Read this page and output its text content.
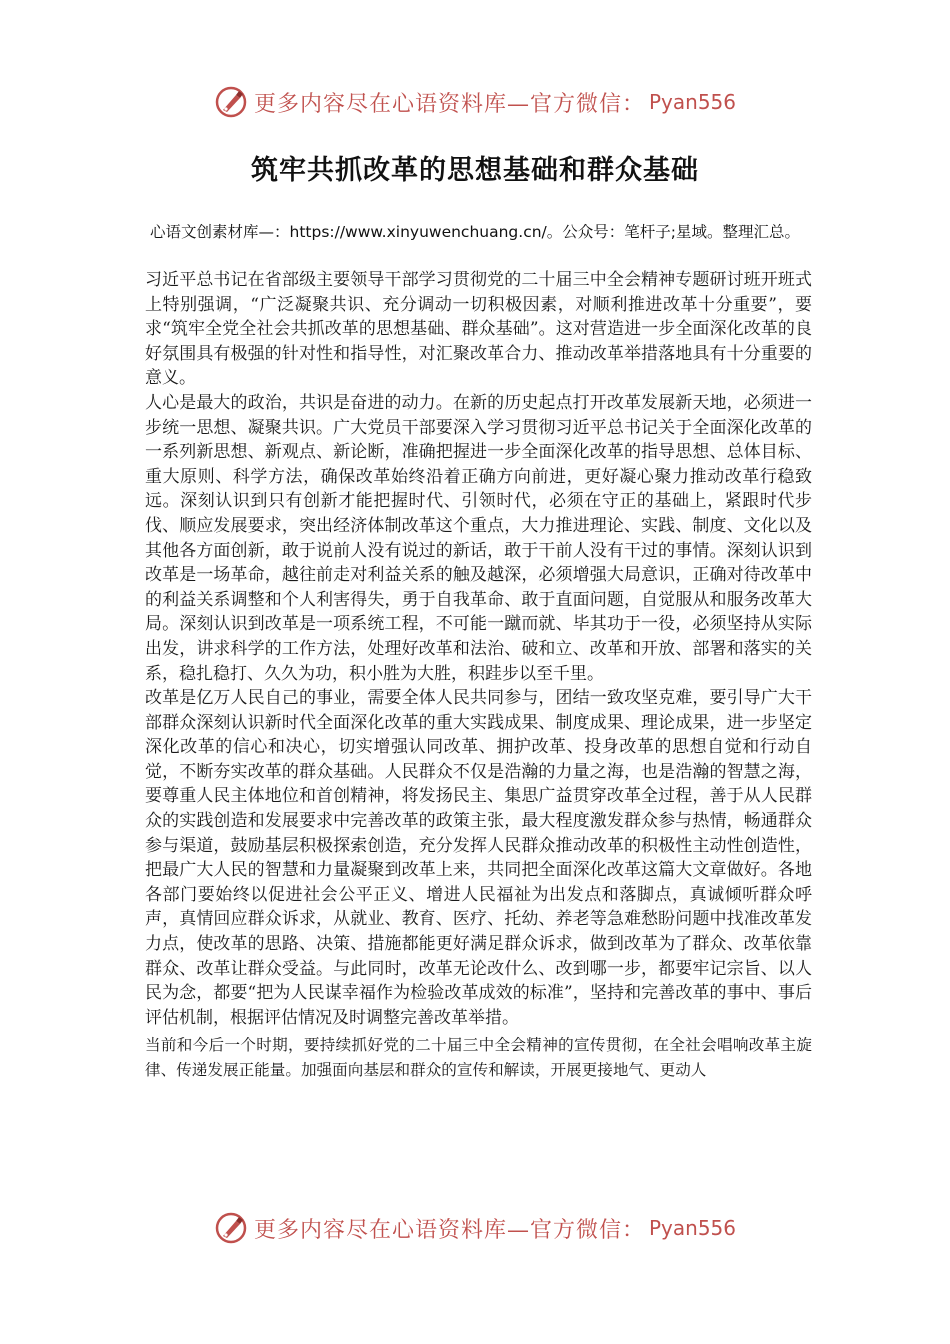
更多内容尽在心语资料库—官方微信： Pyan556
筑牢共抓改革的思想基础和群众基础
心语文创素材库—：https://www.xinyuwenchuang.cn/。公众号：笔杆子;星域。整理汇总。

习近平总书记在省部级主要领导干部学习贯彻党的二十届三中全会精神专题研讨班开班式上特别强调，“广泛凝聚共识、充分调动一切积极因素，对顺利推进改革十分重要”，要求“筑牢全党全社会共抓改革的思想基础、群众基础”。这对营造进一步全面深化改革的良好氛围具有极强的针对性和指导性，对汇聚改革合力、推动改革举措落地具有十分重要的意义。

人心是最大的政治，共识是奋进的动力。在新的历史起点打开改革发展新天地，必须进一步统一思想、凝聚共识。广大党员干部要深入学习贯彻习近平总书记关于全面深化改革的一系列新思想、新观点、新论断，准确把握进一步全面深化改革的指导思想、总体目标、重大原则、科学方法，确保改革始终沿着正确方向前进，更好凝心聚力推动改革行稳致远。深刻认识到只有创新才能把握时代、引领时代，必须在守正的基础上，紧跟时代步伐、顺应发展要求，突出经济体制改革这个重点，大力推进理论、实践、制度、文化以及其他各方面创新，敢于说前人没有说过的新话，敢于干前人没有干过的事情。深刻认识到改革是一场革命，越往前走对利益关系的触及越深，必须增强大局意识，正确对待改革中的利益关系调整和个人利害得失，勇于自我革命、敢于直面问题，自觉服从和服务改革大局。深刻认识到改革是一项系统工程，不可能一蹴而就、毕其功于一役，必须坚持从实际出发，讲求科学的工作方法，处理好改革和法治、破和立、改革和开放、部署和落实的关系，稳扎稳打、久久为功，积小胜为大胜，积跬步以至千里。

改革是亿万人民自己的事业，需要全体人民共同参与，团结一致攻坚克难，要引导广大干部群众深刻认识新时代全面深化改革的重大实践成果、制度成果、理论成果，进一步坚定深化改革的信心和决心，切实增强认同改革、拥护改革、投身改革的思想自觉和行动自觉，不断夯实改革的群众基础。人民群众不仅是浩瀚的力量之海，也是浩瀚的智慧之海，要尊重人民主体地位和首创精神，将发扬民主、集思广益贯穿改革全过程，善于从人民群众的实践创造和发展要求中完善改革的政策主张，最大程度激发群众参与热情，畅通群众参与渠道，鼓励基层积极探索创造，充分发挥人民群众推动改革的积极性主动性创造性，把最广大人民的智慧和力量凝聚到改革上来，共同把全面深化改革这篇大文章做好。各地各部门要始终以促进社会公平正义、增进人民福祉为出发点和落脚点，真诚倾听群众呼声，真情回应群众诉求，从就业、教育、医疗、托幼、养老等急难愁盼问题中找准改革发力点，使改革的思路、决策、措施都能更好满足群众诉求，做到改革为了群众、改革依靠群众、改革让群众受益。与此同时，改革无论改什么、改到哪一步，都要牢记宗旨、以人民为念，都要“把为人民谋幸福作为检验改革成效的标准”，坚持和完善改革的事中、事后评估机制，根据评估情况及时调整完善改革举措。

当前和今后一个时期，要持续抓好党的二十届三中全会精神的宣传贯彻，在全社会唱响改革主旋律、传递发展正能量。加强面向基层和群众的宣传和解读，开展更接地气、更动人

更多内容尽在心语资料库—官方微信： Pyan556
